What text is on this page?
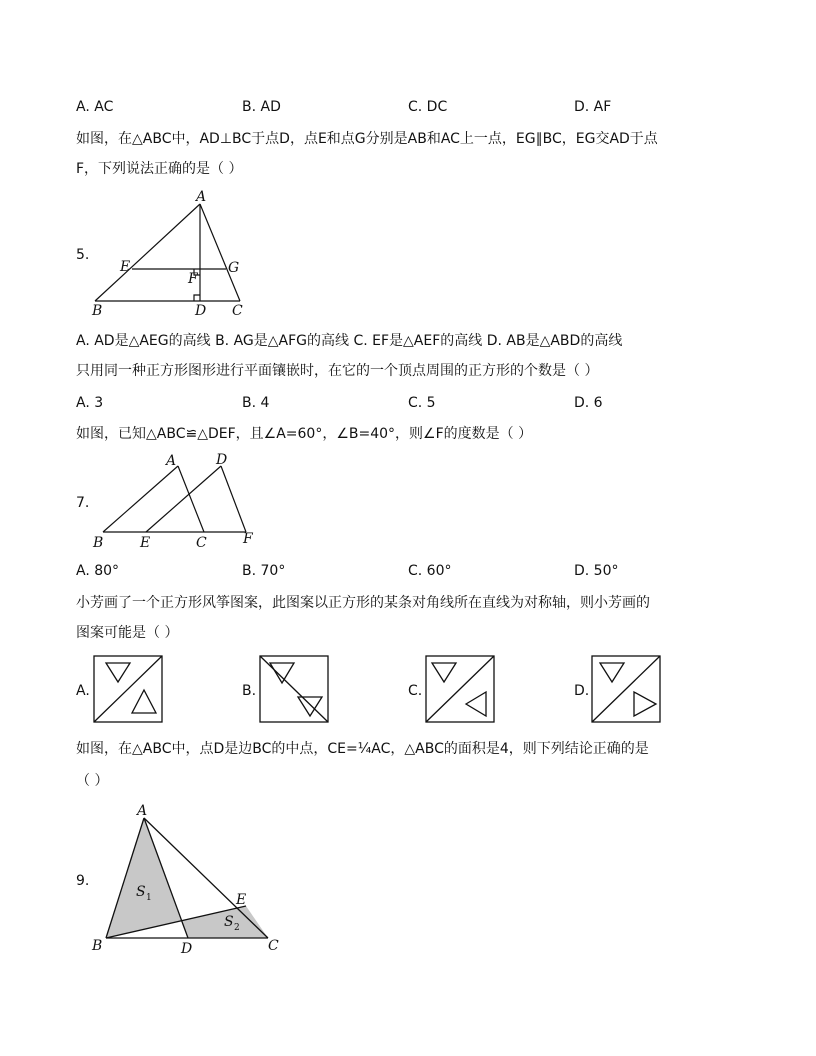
A. AC	B. AD	C. DC	D. AF
如图，在△ABC中，AD⊥BC于点D，点E和点G分别是AB和AC上一点，EG∥BC，EG交AD于点
F，下列说法正确的是（ ）
5.
A
B	C
D
E
F
G
A. AD是△AEG的高线 B. AG是△AFG的高线 C. EF是△AEF的高线 D. AB是△ABD的高线
只用同一种正方形图形进行平面镶嵌时，在它的一个顶点周围的正方形的个数是（ ）
A. 3	B. 4	C. 5	D. 6
如图，已知△ABC≌△DEF，且∠A=60°，∠B=40°，则∠F的度数是（ ）
7.
A	D
B	E	C	F
A. 80°	B. 70°	C. 60°	D. 50°
小芳画了一个正方形风筝图案，此图案以正方形的某条对角线所在直线为对称轴，则小芳画的
图案可能是（ ）
A.	B.	C.	D.
如图，在△ABC中，点D是边BC的中点，CE=¼AC，△ABC的面积是4，则下列结论正确的是
（ ）
9.
A
B	D	C
E
S 1
S 2
